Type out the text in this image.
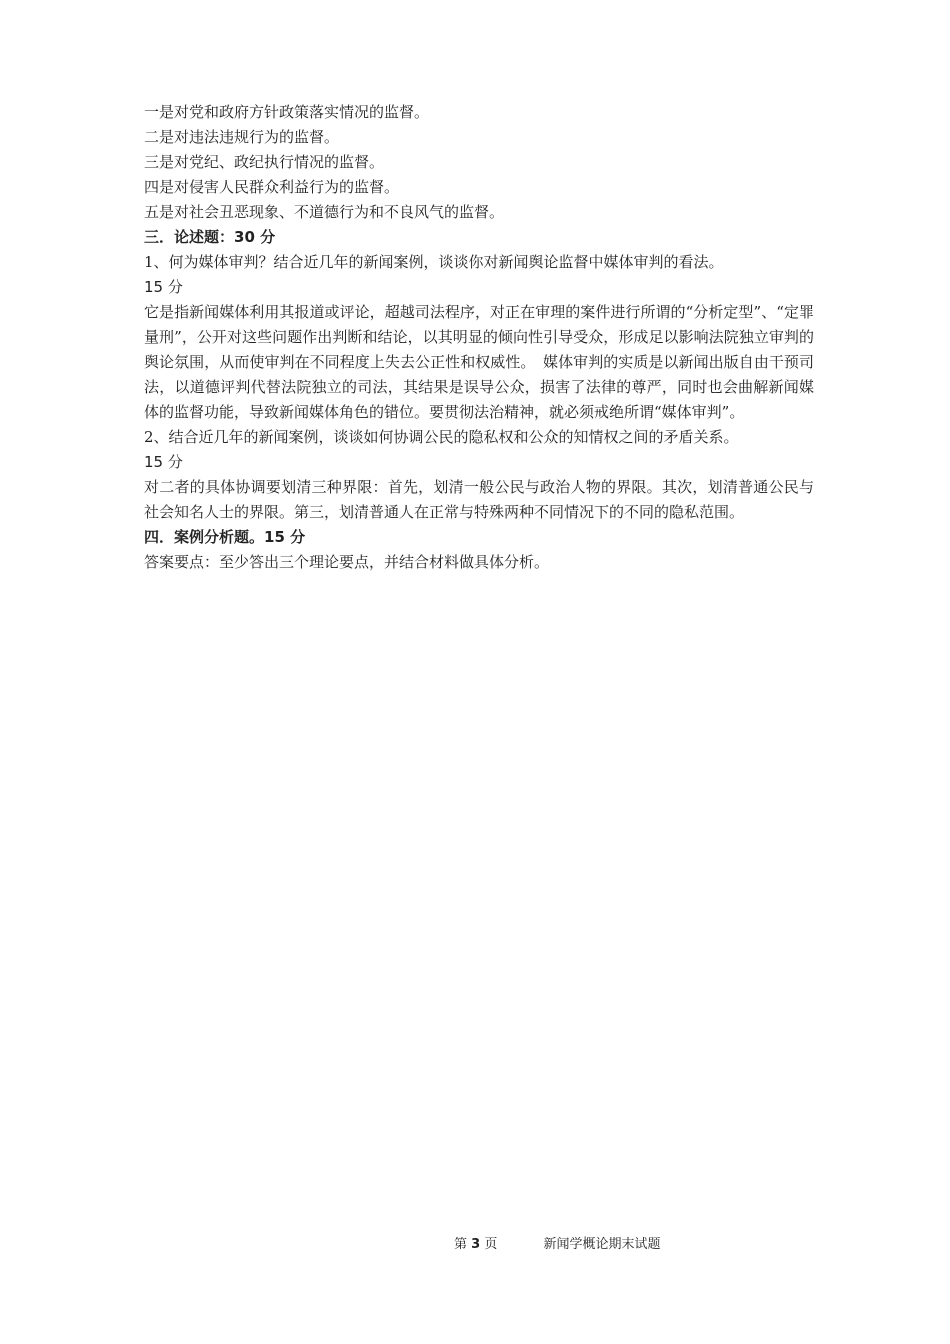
一是对党和政府方针政策落实情况的监督。

二是对违法违规行为的监督。

三是对党纪、政纪执行情况的监督。

四是对侵害人民群众利益行为的监督。

五是对社会丑恶现象、不道德行为和不良风气的监督。

三．论述题：30 分

1、何为媒体审判？结合近几年的新闻案例，谈谈你对新闻舆论监督中媒体审判的看法。

15 分

它是指新闻媒体利用其报道或评论，超越司法程序，对正在审理的案件进行所谓的“分析定型”、“定罪量刑”，公开对这些问题作出判断和结论，以其明显的倾向性引导受众，形成足以影响法院独立审判的舆论氛围，从而使审判在不同程度上失去公正性和权威性。　媒体审判的实质是以新闻出版自由干预司法，以道德评判代替法院独立的司法，其结果是误导公众，损害了法律的尊严，同时也会曲解新闻媒体的监督功能，导致新闻媒体角色的错位。要贯彻法治精神，就必须戒绝所谓“媒体审判”。

2、结合近几年的新闻案例，谈谈如何协调公民的隐私权和公众的知情权之间的矛盾关系。

15 分

对二者的具体协调要划清三种界限：首先，划清一般公民与政治人物的界限。其次，划清普通公民与社会知名人士的界限。第三，划清普通人在正常与特殊两种不同情况下的不同的隐私范围。

四．案例分析题。15 分

答案要点：至少答出三个理论要点，并结合材料做具体分析。

第 3 页	新闻学概论期末试题
